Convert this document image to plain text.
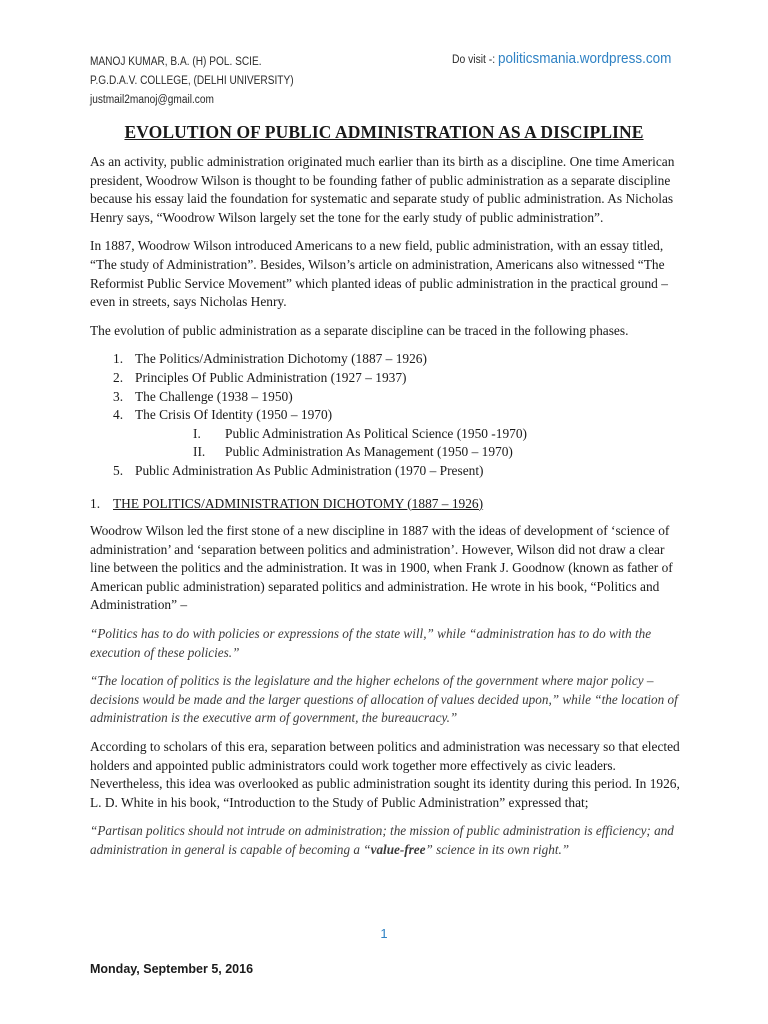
MANOJ KUMAR, B.A. (H) POL. SCIE.
P.G.D.A.V. COLLEGE, (DELHI UNIVERSITY)
justmail2manoj@gmail.com
Do visit -: politicsmania.wordpress.com
EVOLUTION OF PUBLIC ADMINISTRATION AS A DISCIPLINE

As an activity, public administration originated much earlier than its birth as a discipline. One time American president, Woodrow Wilson is thought to be founding father of public administration as a separate discipline because his essay laid the foundation for systematic and separate study of public administration. As Nicholas Henry says, “Woodrow Wilson largely set the tone for the early study of public administration”.

In 1887, Woodrow Wilson introduced Americans to a new field, public administration, with an essay titled, “The study of Administration”. Besides, Wilson’s article on administration, Americans also witnessed “The Reformist Public Service Movement” which planted ideas of public administration in the practical ground – even in streets, says Nicholas Henry.

The evolution of public administration as a separate discipline can be traced in the following phases.

1. The Politics/Administration Dichotomy (1887 – 1926)
2. Principles Of Public Administration (1927 – 1937)
3. The Challenge (1938 – 1950)
4. The Crisis Of Identity (1950 – 1970)
I. Public Administration As Political Science (1950 -1970)
II. Public Administration As Management (1950 – 1970)
5. Public Administration As Public Administration (1970 – Present)
1. THE POLITICS/ADMINISTRATION DICHOTOMY (1887 – 1926)

Woodrow Wilson led the first stone of a new discipline in 1887 with the ideas of development of ‘science of administration’ and ‘separation between politics and administration’. However, Wilson did not draw a clear line between the politics and the administration. It was in 1900, when Frank J. Goodnow (known as father of American public administration) separated politics and administration. He wrote in his book, “Politics and Administration” –

“Politics has to do with policies or expressions of the state will,” while “administration has to do with the execution of these policies.”

“The location of politics is the legislature and the higher echelons of the government where major policy – decisions would be made and the larger questions of allocation of values decided upon,” while “the location of administration is the executive arm of government, the bureaucracy.”

According to scholars of this era, separation between politics and administration was necessary so that elected holders and appointed public administrators could work together more effectively as civic leaders. Nevertheless, this idea was overlooked as public administration sought its identity during this period. In 1926, L. D. White in his book, “Introduction to the Study of Public Administration” expressed that;

“Partisan politics should not intrude on administration; the mission of public administration is efficiency; and administration in general is capable of becoming a “value-free” science in its own right.”

1
Monday, September 5, 2016
